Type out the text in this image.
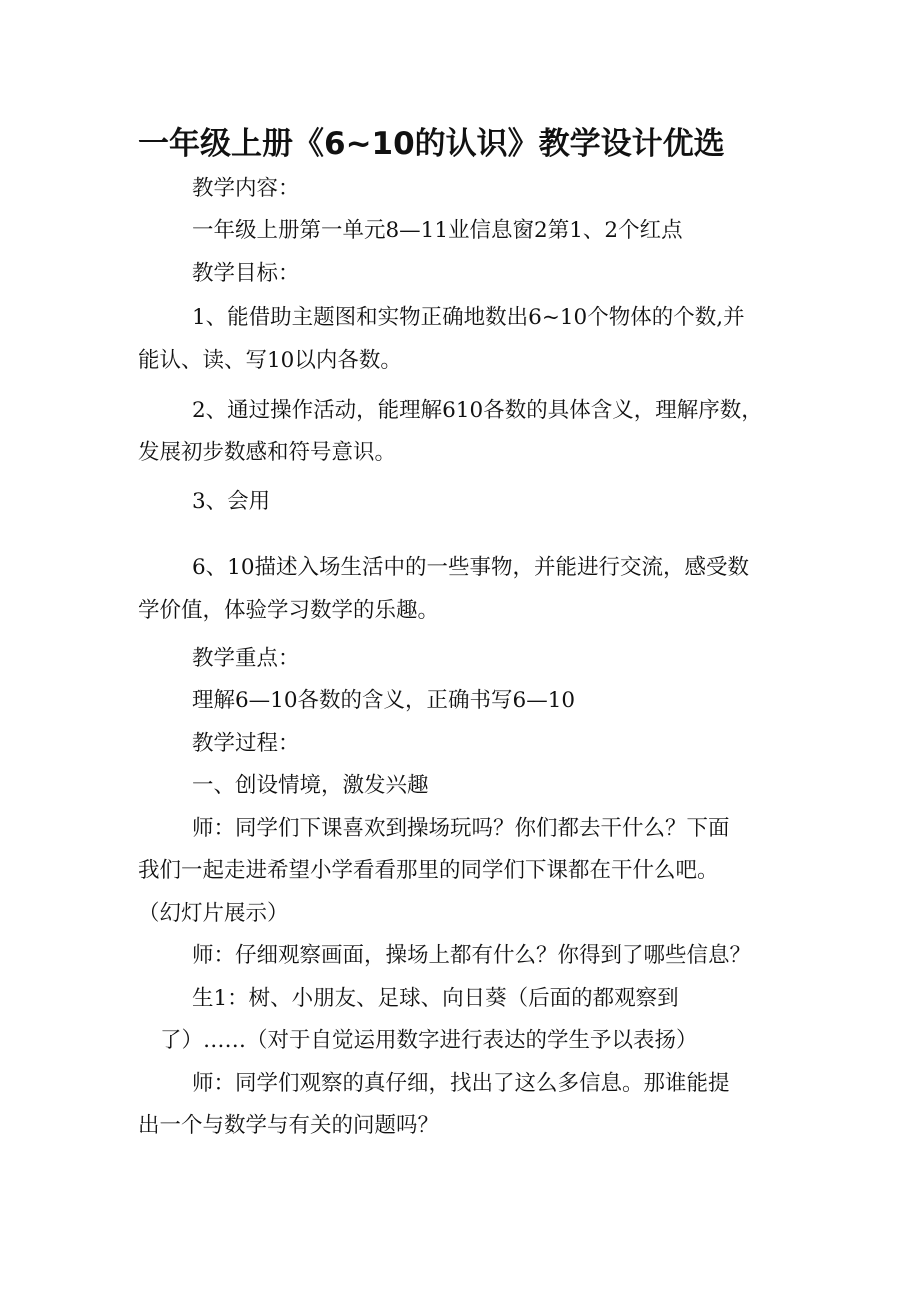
一年级上册《6~10的认识》教学设计优选
教学内容：
一年级上册第一单元8—11业信息窗2第1、2个红点
教学目标：
1、能借助主题图和实物正确地数出6~10个物体的个数,并
能认、读、写10以内各数。
2、通过操作活动，能理解610各数的具体含义，理解序数，
发展初步数感和符号意识。
3、会用
6、10描述入场生活中的一些事物，并能进行交流，感受数
学价值，体验学习数学的乐趣。
教学重点：
理解6—10各数的含义，正确书写6—10
教学过程：
一、创设情境，激发兴趣
师：同学们下课喜欢到操场玩吗？你们都去干什么？下面
我们一起走进希望小学看看那里的同学们下课都在干什么吧。
（幻灯片展示）
师：仔细观察画面，操场上都有什么？你得到了哪些信息？
生1：树、小朋友、足球、向日葵（后面的都观察到
了）……（对于自觉运用数字进行表达的学生予以表扬）
师：同学们观察的真仔细，找出了这么多信息。那谁能提
出一个与数学与有关的问题吗？
